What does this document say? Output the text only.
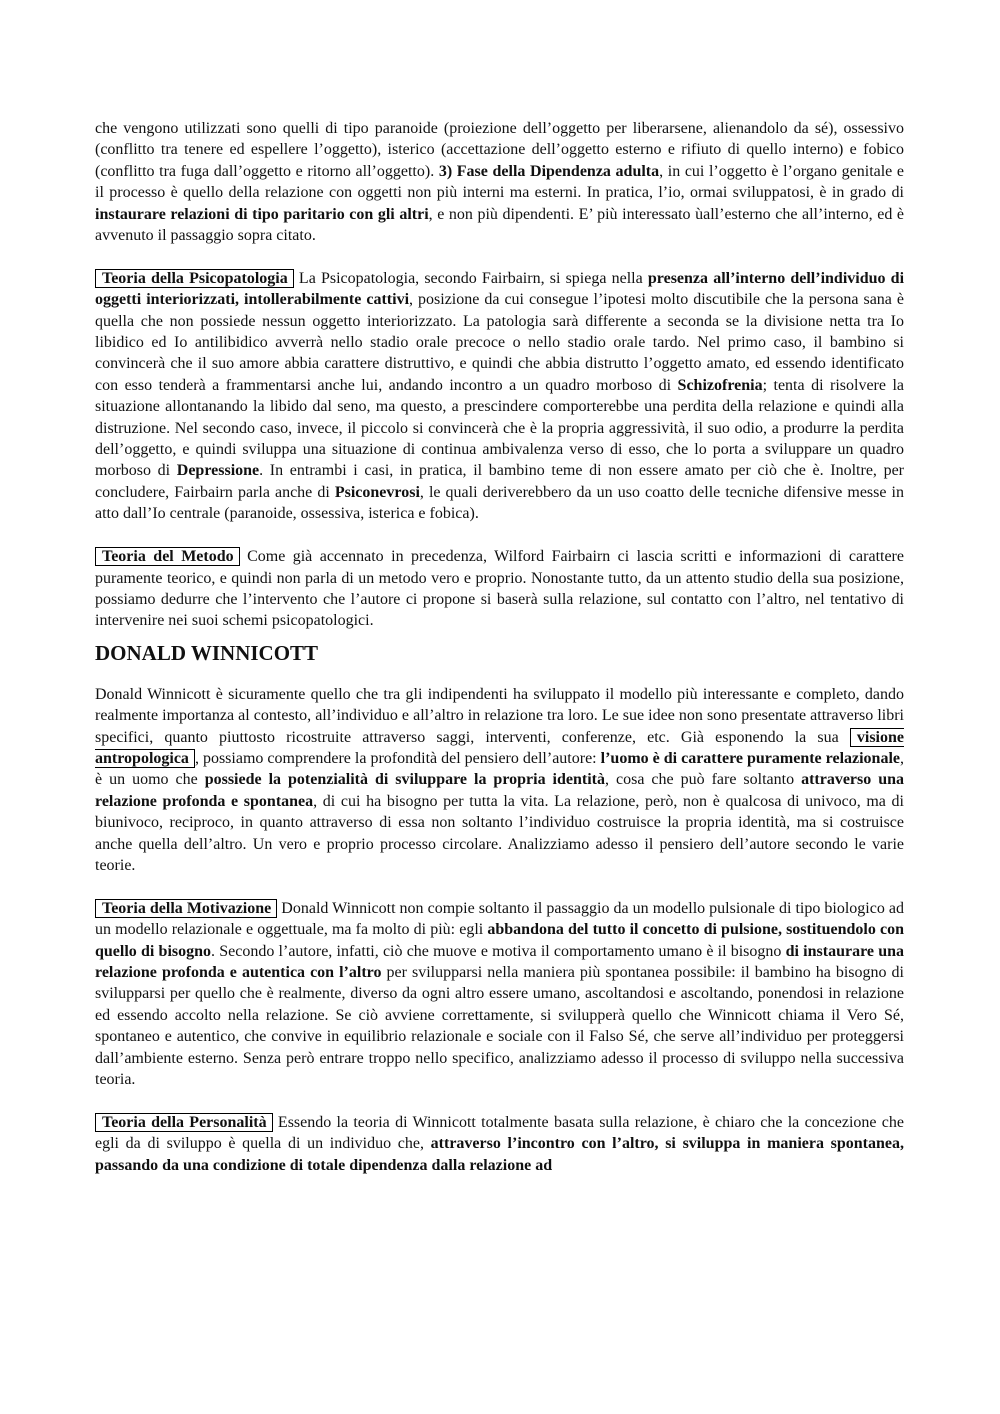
che vengono utilizzati sono quelli di tipo paranoide (proiezione dell’oggetto per liberarsene, alienandolo da sé), ossessivo (conflitto tra tenere ed espellere l’oggetto), isterico (accettazione dell’oggetto esterno e rifiuto di quello interno) e fobico (conflitto tra fuga dall’oggetto e ritorno all’oggetto). 3) Fase della Dipendenza adulta, in cui l’oggetto è l’organo genitale e il processo è quello della relazione con oggetti non più interni ma esterni. In pratica, l’io, ormai sviluppatosi, è in grado di instaurare relazioni di tipo paritario con gli altri, e non più dipendenti. E’ più interessato ùall’esterno che all’interno, ed è avvenuto il passaggio sopra citato.

Teoria della Psicopatologia La Psicopatologia, secondo Fairbairn, si spiega nella presenza all’interno dell’individuo di oggetti interiorizzati, intollerabilmente cattivi, posizione da cui consegue l’ipotesi molto discutibile che la persona sana è quella che non possiede nessun oggetto interiorizzato. La patologia sarà differente a seconda se la divisione netta tra Io libidico ed Io antilibidico avverrà nello stadio orale precoce o nello stadio orale tardo. Nel primo caso, il bambino si convincerà che il suo amore abbia carattere distruttivo, e quindi che abbia distrutto l’oggetto amato, ed essendo identificato con esso tenderà a frammentarsi anche lui, andando incontro a un quadro morboso di Schizofrenia; tenta di risolvere la situazione allontanando la libido dal seno, ma questo, a prescindere comporterebbe una perdita della relazione e quindi alla distruzione. Nel secondo caso, invece, il piccolo si convincerà che è la propria aggressività, il suo odio, a produrre la perdita dell’oggetto, e quindi sviluppa una situazione di continua ambivalenza verso di esso, che lo porta a sviluppare un quadro morboso di Depressione. In entrambi i casi, in pratica, il bambino teme di non essere amato per ciò che è. Inoltre, per concludere, Fairbairn parla anche di Psiconevrosi, le quali deriverebbero da un uso coatto delle tecniche difensive messe in atto dall’Io centrale (paranoide, ossessiva, isterica e fobica).

Teoria del Metodo Come già accennato in precedenza, Wilford Fairbairn ci lascia scritti e informazioni di carattere puramente teorico, e quindi non parla di un metodo vero e proprio. Nonostante tutto, da un attento studio della sua posizione, possiamo dedurre che l’intervento che l’autore ci propone si baserà sulla relazione, sul contatto con l’altro, nel tentativo di intervenire nei suoi schemi psicopatologici.

DONALD WINNICOTT

Donald Winnicott è sicuramente quello che tra gli indipendenti ha sviluppato il modello più interessante e completo, dando realmente importanza al contesto, all’individuo e all’altro in relazione tra loro. Le sue idee non sono presentate attraverso libri specifici, quanto piuttosto ricostruite attraverso saggi, interventi, conferenze, etc. Già esponendo la sua visione antropologica , possiamo comprendere la profondità del pensiero dell’autore: l’uomo è di carattere puramente relazionale, è un uomo che possiede la potenzialità di sviluppare la propria identità, cosa che può fare soltanto attraverso una relazione profonda e spontanea, di cui ha bisogno per tutta la vita. La relazione, però, non è qualcosa di univoco, ma di biunivoco, reciproco, in quanto attraverso di essa non soltanto l’individuo costruisce la propria identità, ma si costruisce anche quella dell’altro. Un vero e proprio processo circolare. Analizziamo adesso il pensiero dell’autore secondo le varie teorie.

Teoria della Motivazione Donald Winnicott non compie soltanto il passaggio da un modello pulsionale di tipo biologico ad un modello relazionale e oggettuale, ma fa molto di più: egli abbandona del tutto il concetto di pulsione, sostituendolo con quello di bisogno. Secondo l’autore, infatti, ciò che muove e motiva il comportamento umano è il bisogno di instaurare una relazione profonda e autentica con l’altro per svilupparsi nella maniera più spontanea possibile: il bambino ha bisogno di svilupparsi per quello che è realmente, diverso da ogni altro essere umano, ascoltandosi e ascoltando, ponendosi in relazione ed essendo accolto nella relazione. Se ciò avviene correttamente, si svilupperà quello che Winnicott chiama il Vero Sé, spontaneo e autentico, che convive in equilibrio relazionale e sociale con il Falso Sé, che serve all’individuo per proteggersi dall’ambiente esterno. Senza però entrare troppo nello specifico, analizziamo adesso il processo di sviluppo nella successiva teoria.

Teoria della Personalità Essendo la teoria di Winnicott totalmente basata sulla relazione, è chiaro che la concezione che egli da di sviluppo è quella di un individuo che, attraverso l’incontro con l’altro, si sviluppa in maniera spontanea, passando da una condizione di totale dipendenza dalla relazione ad
